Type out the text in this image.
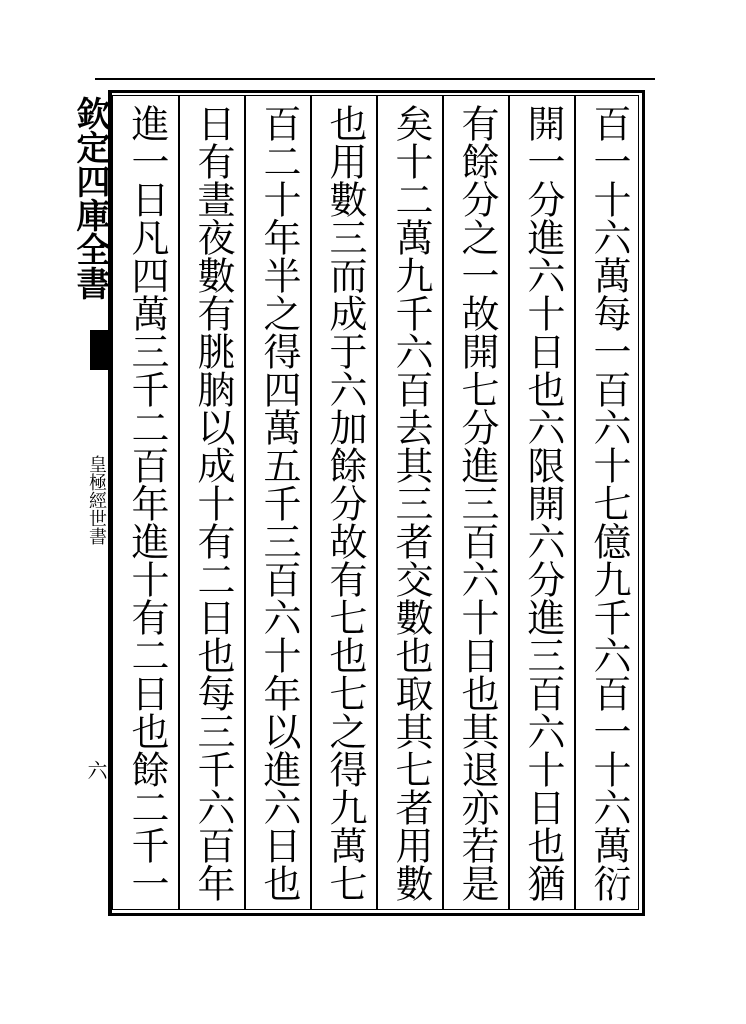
欽定四庫全書
皇極經世書
六	百一十六萬每一百六十七億九千六百一十六萬衍
開一分進六十日也六限開六分進三百六十日也猶
有餘分之一故開七分進三百六十日也其退亦若是
矣十二萬九千六百去其三者交數也取其七者用數
也用數三而成于六加餘分故有七也七之得九萬七
百二十年半之得四萬五千三百六十年以進六日也
日有晝夜數有朓朒以成十有二日也每三千六百年
進一日凡四萬三千二百年進十有二日也餘二千一
